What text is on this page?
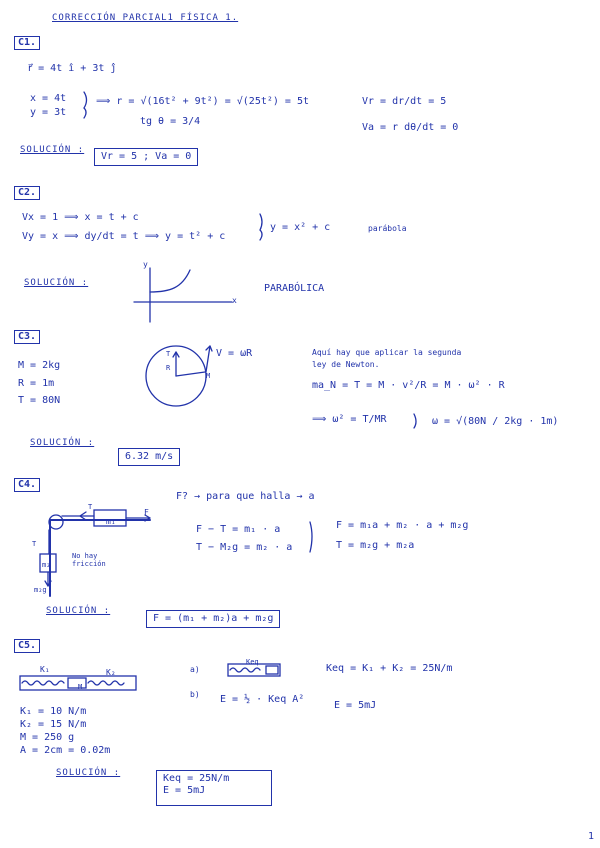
CORRECCIÓN PARCIAL1 FÍSICA 1.
C1.
r⃗ = 4t î + 3t ĵ
x = 4t
y = 3t
⟹ r = √(16t² + 9t²) = √(25t²) = 5t
tg θ = 3/4
Vr = dr/dt = 5
Va = r dθ/dt = 0
SOLUCIÓN :
Vr = 5 ; Va = 0
C2.
Vx = 1 ⟹ x = t + c
Vy = x ⟹ dy/dt = t ⟹ y = t² + c
y = x² + c	parábola
SOLUCIÓN :
y
x
PARABÓLICA
C3.
M = 2kg
R = 1m
T = 80N
V = ωR
T
R
M
Aquí hay que aplicar la segunda
ley de Newton.
ma_N = T = M · v²/R = M · ω² · R
⟹ ω² = T/MR	ω = √(80N / 2kg · 1m)
SOLUCIÓN :
6.32 m/s
C4.
F? → para que halla → a
F − T = m₁ · a
T − M₂g = m₂ · a
F = m₁a + m₂ · a + m₂g
T = m₂g + m₂a
m₁
m₂
T
T
F
No hay fricción
m₂g
SOLUCIÓN :
F = (m₁ + m₂)a + m₂g
C5.
K₁	K₂
M
a)
Keq
Keq = K₁ + K₂ = 25N/m
b) E = ½ · Keq A²
E = 5mJ
K₁ = 10 N/m
K₂ = 15 N/m
M = 250 g
A = 2cm = 0.02m
SOLUCIÓN :	Keq = 25N/m
E = 5mJ
1
